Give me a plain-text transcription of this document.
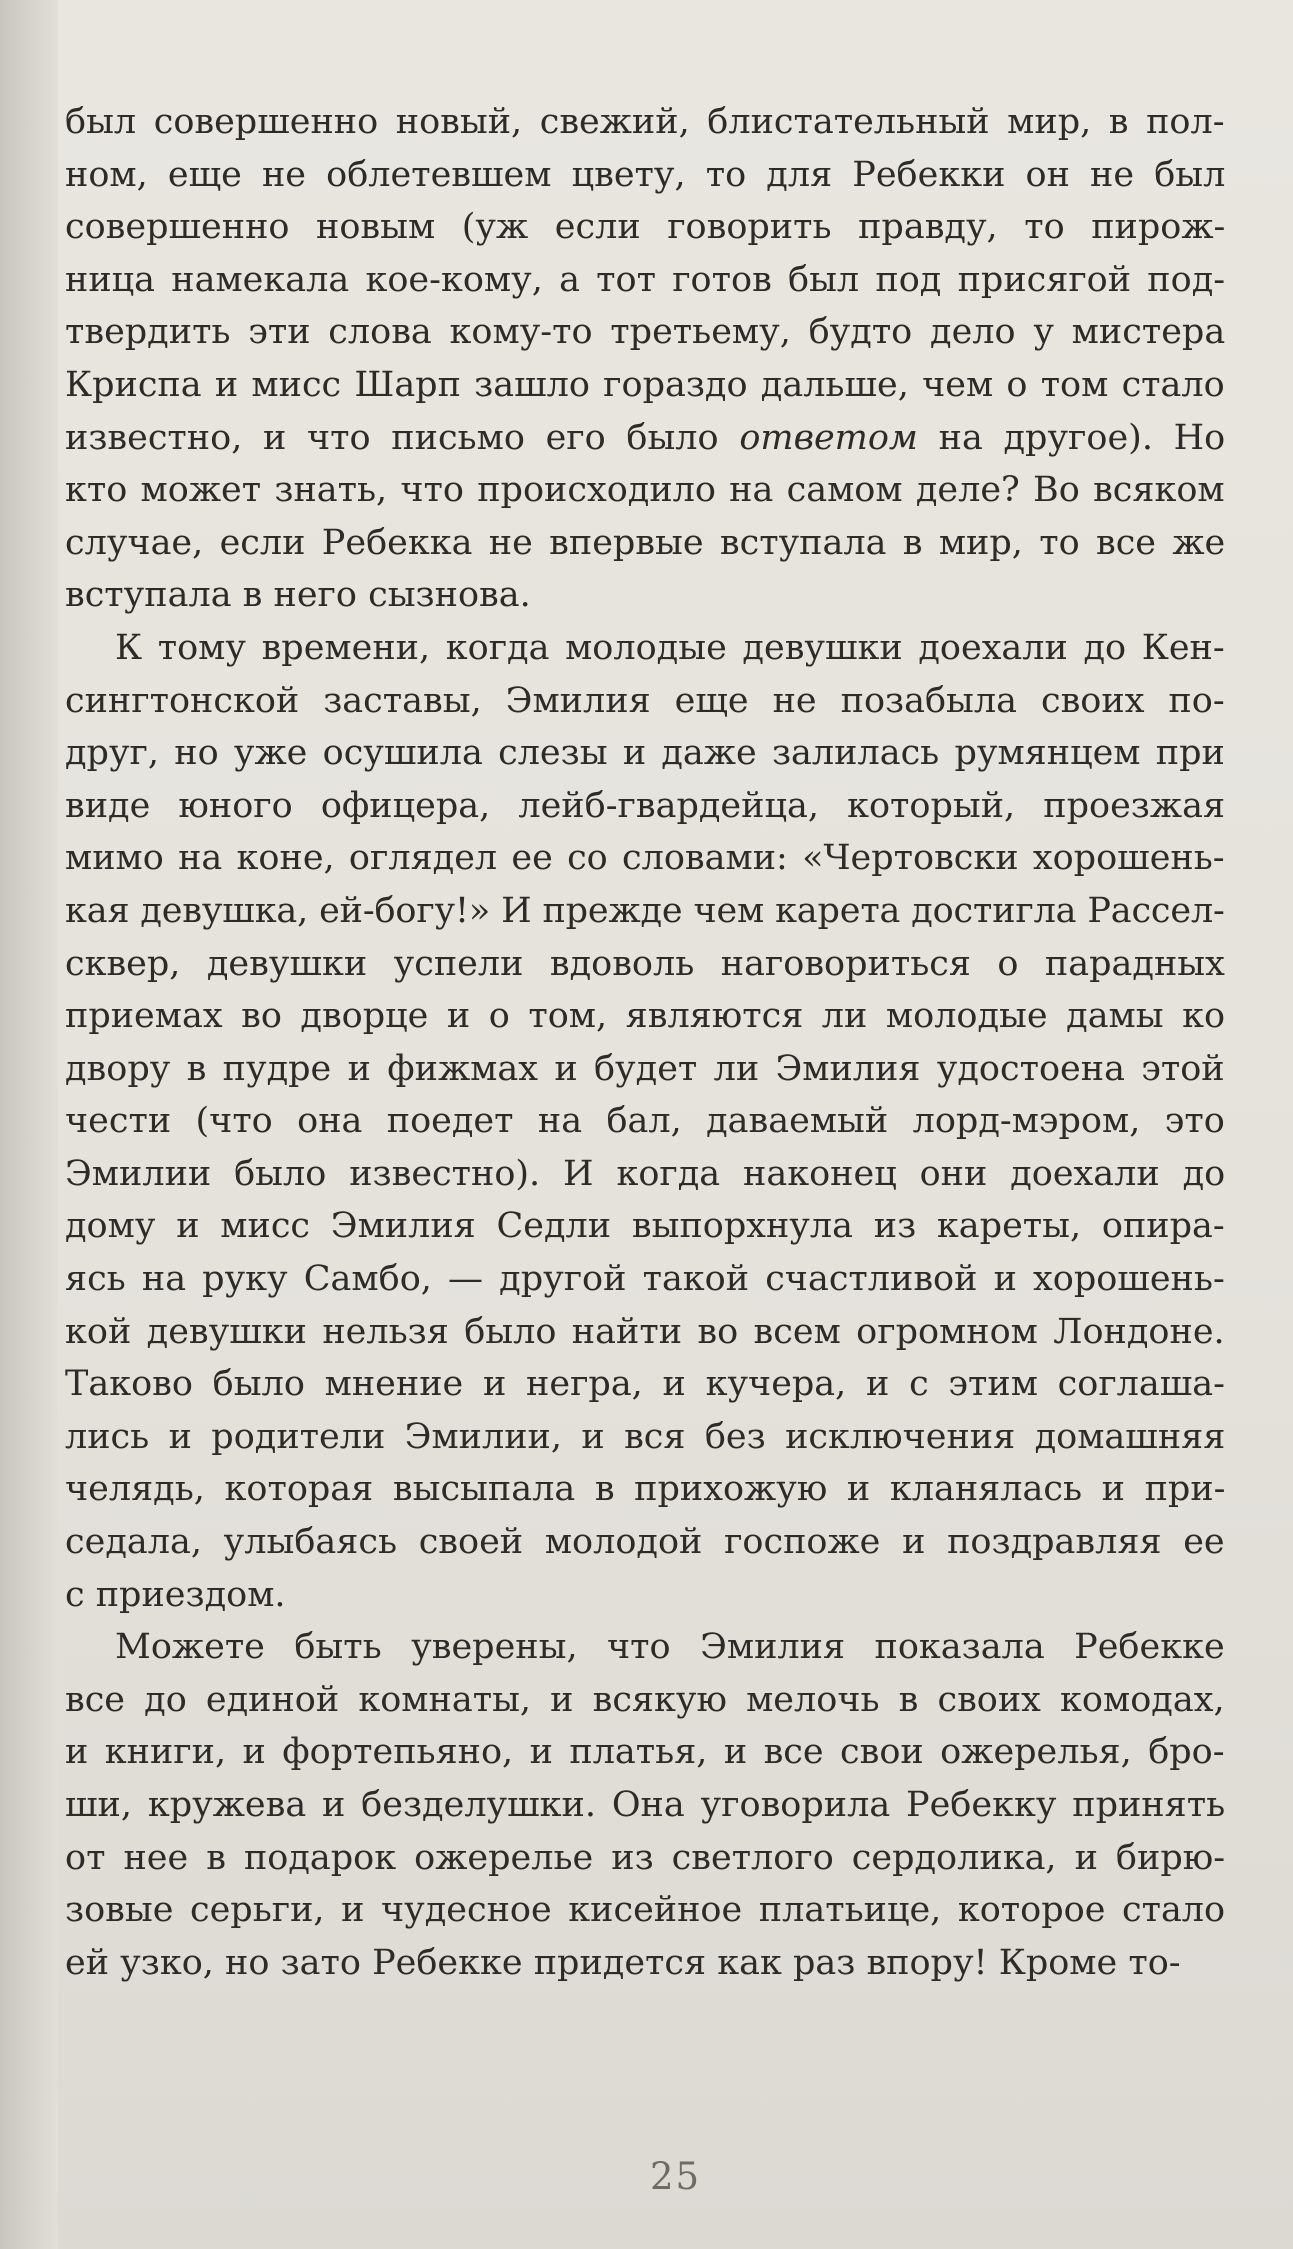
был совершенно новый, свежий, блистательный мир, в пол-
ном, еще не облетевшем цвету, то для Ребекки он не был
совершенно новым (уж если говорить правду, то пирож-
ница намекала кое-кому, а тот готов был под присягой под-
твердить эти слова кому-то третьему, будто дело у мистера
Криспа и мисс Шарп зашло гораздо дальше, чем о том стало
известно, и что письмо его было ответом на другое). Но
кто может знать, что происходило на самом деле? Во всяком
случае, если Ребекка не впервые вступала в мир, то все же
вступала в него сызнова.

К тому времени, когда молодые девушки доехали до Кен-
сингтонской заставы, Эмилия еще не позабыла своих по-
друг, но уже осушила слезы и даже залилась румянцем при
виде юного офицера, лейб-гвардейца, который, проезжая
мимо на коне, оглядел ее со словами: «Чертовски хорошень-
кая девушка, ей-богу!» И прежде чем карета достигла Рассел-
сквер, девушки успели вдоволь наговориться о парадных
приемах во дворце и о том, являются ли молодые дамы ко
двору в пудре и фижмах и будет ли Эмилия удостоена этой
чести (что она поедет на бал, даваемый лорд-мэром, это
Эмилии было известно). И когда наконец они доехали до
дому и мисс Эмилия Седли выпорхнула из кареты, опира-
ясь на руку Самбо, — другой такой счастливой и хорошень-
кой девушки нельзя было найти во всем огромном Лондоне.
Таково было мнение и негра, и кучера, и с этим соглаша-
лись и родители Эмилии, и вся без исключения домашняя
челядь, которая высыпала в прихожую и кланялась и при-
седала, улыбаясь своей молодой госпоже и поздравляя ее
с приездом.

Можете быть уверены, что Эмилия показала Ребекке
все до единой комнаты, и всякую мелочь в своих комодах,
и книги, и фортепьяно, и платья, и все свои ожерелья, бро-
ши, кружева и безделушки. Она уговорила Ребекку принять
от нее в подарок ожерелье из светлого сердолика, и бирю-
зовые серьги, и чудесное кисейное платьице, которое стало
ей узко, но зато Ребекке придется как раз впору! Кроме то-

25
